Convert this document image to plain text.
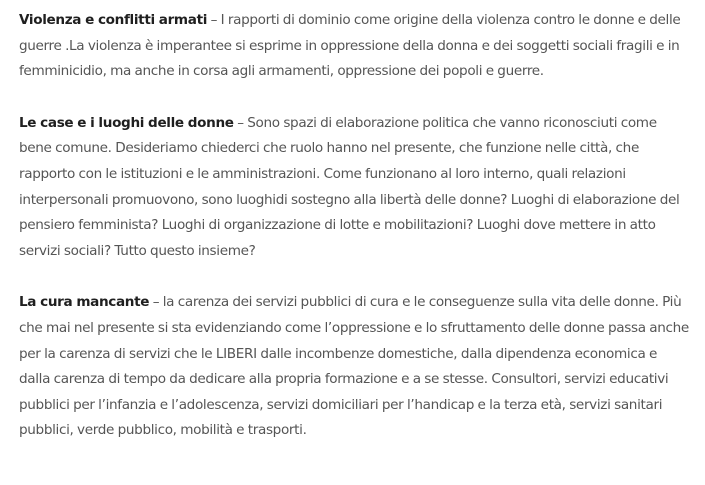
Violenza e conflitti armati – I rapporti di dominio come origine della violenza contro le donne e delle guerre .La violenza è imperantee si esprime in oppressione della donna e dei soggetti sociali fragili e in femminicidio, ma anche in corsa agli armamenti, oppressione dei popoli e guerre.

Le case e i luoghi delle donne – Sono spazi di elaborazione politica che vanno riconosciuti come bene comune. Desideriamo chiederci che ruolo hanno nel presente, che funzione nelle città, che rapporto con le istituzioni e le amministrazioni. Come funzionano al loro interno, quali relazioni interpersonali promuovono, sono luoghidi sostegno alla libertà delle donne? Luoghi di elaborazione del pensiero femminista? Luoghi di organizzazione di lotte e mobilitazioni? Luoghi dove mettere in atto servizi sociali? Tutto questo insieme?

La cura mancante – la carenza dei servizi pubblici di cura e le conseguenze sulla vita delle donne. Più che mai nel presente si sta evidenziando come l’oppressione e lo sfruttamento delle donne passa anche per la carenza di servizi che le LIBERI dalle incombenze domestiche, dalla dipendenza economica e dalla carenza di tempo da dedicare alla propria formazione e a se stesse. Consultori, servizi educativi pubblici per l’infanzia e l’adolescenza, servizi domiciliari per l’handicap e la terza età, servizi sanitari pubblici, verde pubblico, mobilità e trasporti.
